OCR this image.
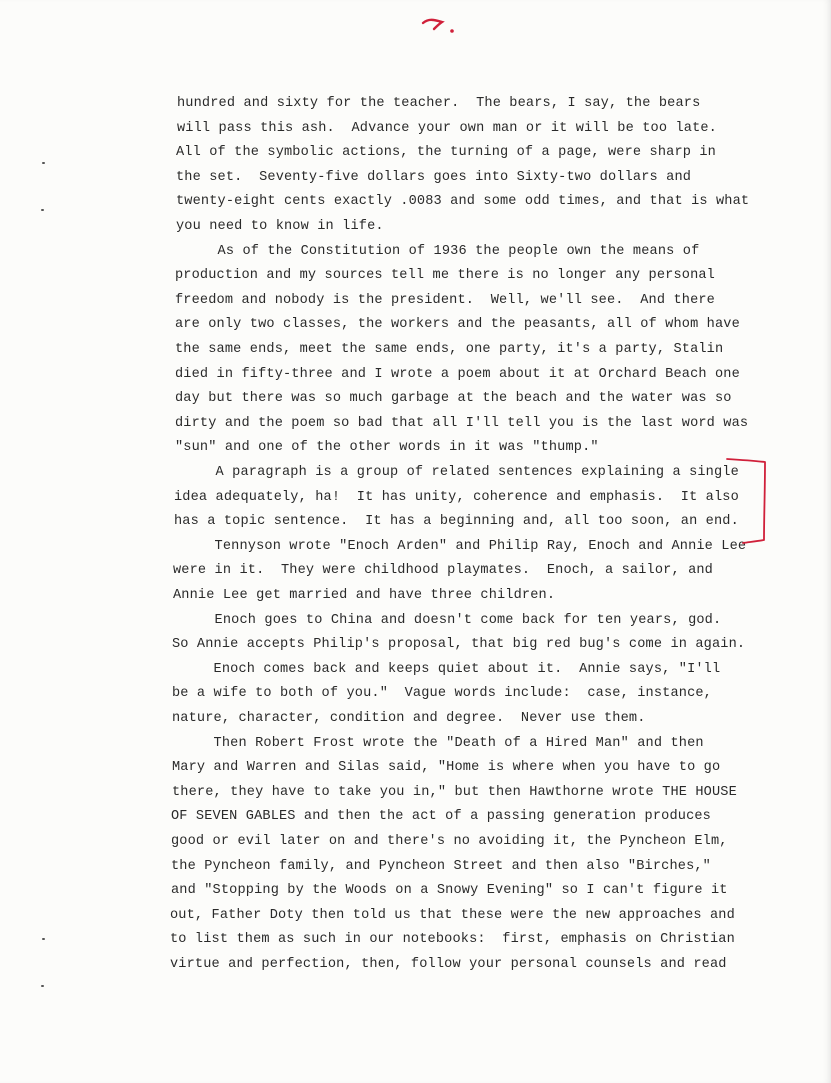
hundred and sixty for the teacher.  The bears, I say, the bears
will pass this ash.  Advance your own man or it will be too late.
All of the symbolic actions, the turning of a page, were sharp in
the set.  Seventy-five dollars goes into Sixty-two dollars and
twenty-eight cents exactly .0083 and some odd times, and that is what
you need to know in life.
As of the Constitution of 1936 the people own the means of
production and my sources tell me there is no longer any personal
freedom and nobody is the president.  Well, we'll see.  And there
are only two classes, the workers and the peasants, all of whom have
the same ends, meet the same ends, one party, it's a party, Stalin
died in fifty-three and I wrote a poem about it at Orchard Beach one
day but there was so much garbage at the beach and the water was so
dirty and the poem so bad that all I'll tell you is the last word was
"sun" and one of the other words in it was "thump."
A paragraph is a group of related sentences explaining a single
idea adequately, ha!  It has unity, coherence and emphasis.  It also
has a topic sentence.  It has a beginning and, all too soon, an end.
Tennyson wrote "Enoch Arden" and Philip Ray, Enoch and Annie Lee
were in it.  They were childhood playmates.  Enoch, a sailor, and
Annie Lee get married and have three children.
Enoch goes to China and doesn't come back for ten years, god.
So Annie accepts Philip's proposal, that big red bug's come in again.
Enoch comes back and keeps quiet about it.  Annie says, "I'll
be a wife to both of you."  Vague words include:  case, instance,
nature, character, condition and degree.  Never use them.
Then Robert Frost wrote the "Death of a Hired Man" and then
Mary and Warren and Silas said, "Home is where when you have to go
there, they have to take you in," but then Hawthorne wrote THE HOUSE
OF SEVEN GABLES and then the act of a passing generation produces
good or evil later on and there's no avoiding it, the Pyncheon Elm,
the Pyncheon family, and Pyncheon Street and then also "Birches,"
and "Stopping by the Woods on a Snowy Evening" so I can't figure it
out, Father Doty then told us that these were the new approaches and
to list them as such in our notebooks:  first, emphasis on Christian
virtue and perfection, then, follow your personal counsels and read
